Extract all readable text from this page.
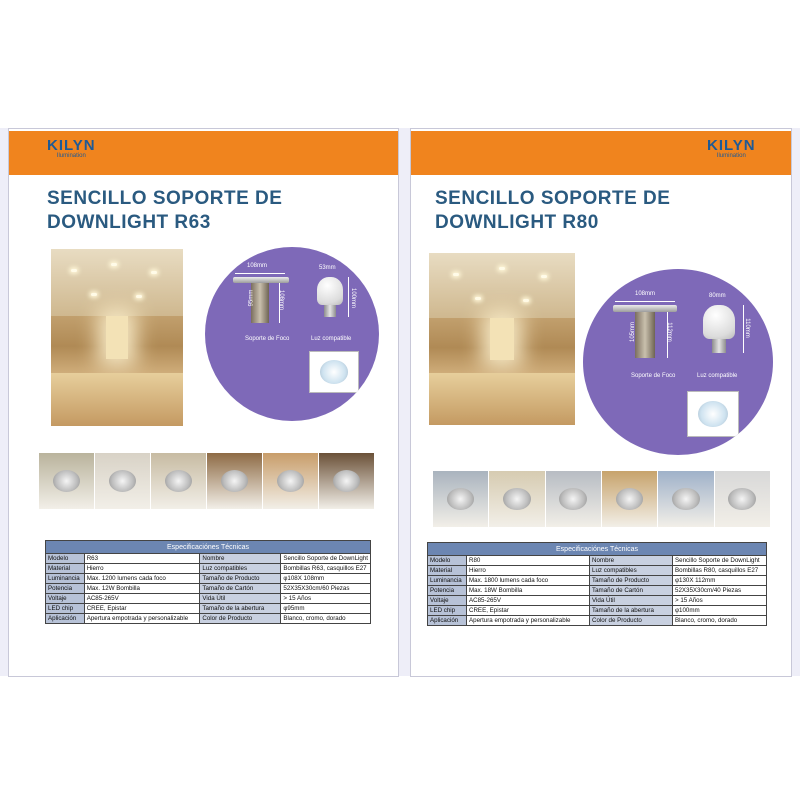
KILYN
Ilumination
SENCILLO SOPORTE DE
DOWNLIGHT R63
108mm
95mm	108mm
53mm
100mm
Soporte de Foco	Luz compatible
Especificaciónes Técnicas			
Modelo	R63	Nombre	Sencillo Soporte de DownLight
Material	Hierro	Luz compatibles	Bombillas R63, casquillos E27
Luminancia	Max. 1200 lumens cada foco	Tamaño de Producto	φ108X 108mm
Potencia	Max. 12W Bombilla	Tamaño de Cartón	52X35X30cm/60 Piezas
Voltaje	AC85-265V	Vida Útil	> 15 Años
LED chip	CREE, Epistar	Tamaño de la abertura	φ95mm
Aplicación	Apertura empotrada y personalizable	Color de Producto	Blanco, cromo, dorado
KILYN
Ilumination
SENCILLO SOPORTE DE
DOWNLIGHT R80
108mm
105mm	112mm
80mm
110mm
Soporte de Foco	Luz compatible
Especificaciónes Técnicas			
Modelo	R80	Nombre	Sencillo Soporte de DownLight
Material	Hierro	Luz compatibles	Bombillas R80, casquillos E27
Luminancia	Max. 1800 lumens cada foco	Tamaño de Producto	φ130X 112mm
Potencia	Max. 18W Bombilla	Tamaño de Cartón	52X35X30cm/40 Piezas
Voltaje	AC85-265V	Vida Útil	> 15 Años
LED chip	CREE, Epistar	Tamaño de la abertura	φ100mm
Aplicación	Apertura empotrada y personalizable	Color de Producto	Blanco, cromo, dorado
